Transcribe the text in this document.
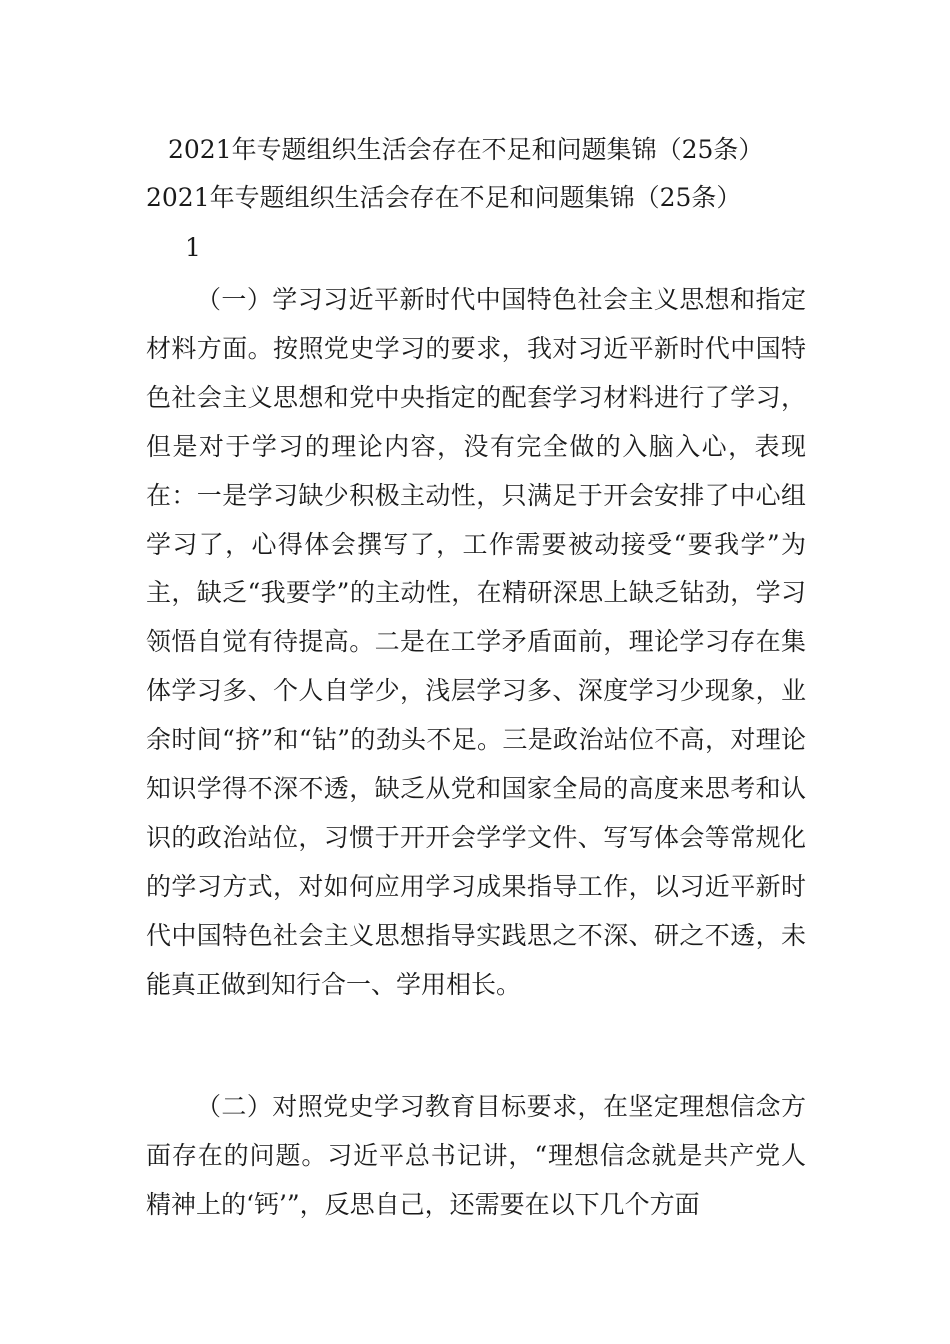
2021年专题组织生活会存在不足和问题集锦（25条）
2021年专题组织生活会存在不足和问题集锦（25条）
1

（一）学习习近平新时代中国特色社会主义思想和指定材料方面。按照党史学习的要求，我对习近平新时代中国特色社会主义思想和党中央指定的配套学习材料进行了学习，但是对于学习的理论内容，没有完全做的入脑入心，表现在：一是学习缺少积极主动性，只满足于开会安排了中心组学习了，心得体会撰写了，工作需要被动接受“要我学”为主，缺乏“我要学”的主动性，在精研深思上缺乏钻劲，学习领悟自觉有待提高。二是在工学矛盾面前，理论学习存在集体学习多、个人自学少，浅层学习多、深度学习少现象，业余时间“挤”和“钻”的劲头不足。三是政治站位不高，对理论知识学得不深不透，缺乏从党和国家全局的高度来思考和认识的政治站位，习惯于开开会学学文件、写写体会等常规化的学习方式，对如何应用学习成果指导工作，以习近平新时代中国特色社会主义思想指导实践思之不深、研之不透，未能真正做到知行合一、学用相长。

（二）对照党史学习教育目标要求，在坚定理想信念方面存在的问题。习近平总书记讲，“理想信念就是共产党人精神上的‘钙’”，反思自己，还需要在以下几个方面
